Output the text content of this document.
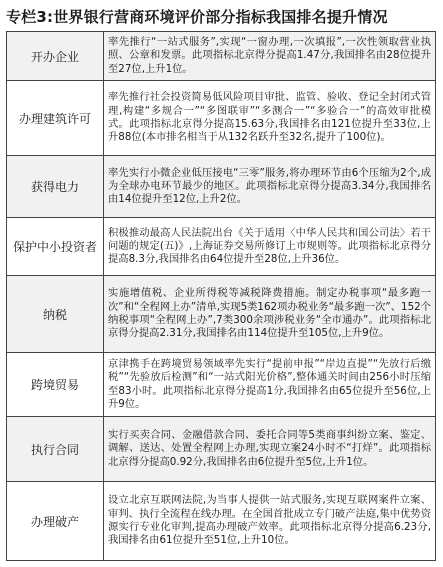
专栏3:世界银行营商环境评价部分指标我国排名提升情况
开办企业	率先推行“一站式服务”,实现“一窗办理,一次填报”,一次性领取营业执照、公章和发票。此项指标北京得分提高1.47分,我国排名由28位提升至27位,上升1位。
办理建筑许可	率先推行社会投资简易低风险项目审批、监管、验收、登记全封闭式管理,构建“多规合一”“多图联审”“多测合一”“多验合一”的高效审批模式。此项指标北京得分提高15.63分,我国排名由121位提升至33位,上升88位(本市排名相当于从132名跃升至32名,提升了100位)。
获得电力	率先实行小微企业低压接电“三零”服务,将办理环节由6个压缩为2个,成为全球办电环节最少的地区。此项指标北京得分提高3.34分,我国排名由14位提升至12位,上升2位。
保护中小投资者	积极推动最高人民法院出台《关于适用〈中华人民共和国公司法〉若干问题的规定(五)》,上海证券交易所修订上市规则等。此项指标北京得分提高8.3分,我国排名由64位提升至28位,上升36位。
纳税	实施增值税、企业所得税等减税降费措施。制定办税事项“最多跑一次”和“全程网上办”清单,实现5类162项办税业务“最多跑一次”、152个纳税事项“全程网上办”,7类300余项涉税业务“全市通办”。此项指标北京得分提高2.31分,我国排名由114位提升至105位,上升9位。
跨境贸易	京津携手在跨境贸易领域率先实行“提前申报”“岸边直提”“先放行后缴税”“先验放后检测”和“一站式阳光价格”,整体通关时间由256小时压缩至83小时。此项指标北京得分提高1分,我国排名由65位提升至56位,上升9位。
执行合同	实行买卖合同、金融借款合同、委托合同等5类商事纠纷立案、鉴定、调解、送达、处置全程网上办理,实现立案24小时不“打烊”。此项指标北京得分提高0.92分,我国排名由6位提升至5位,上升1位。
办理破产	设立北京互联网法院,为当事人提供一站式服务,实现互联网案件立案、审判、执行全流程在线办理。在全国首批成立专门破产法庭,集中优势资源实行专业化审判,提高办理破产效率。此项指标北京得分提高6.23分,我国排名由61位提升至51位,上升10位。
